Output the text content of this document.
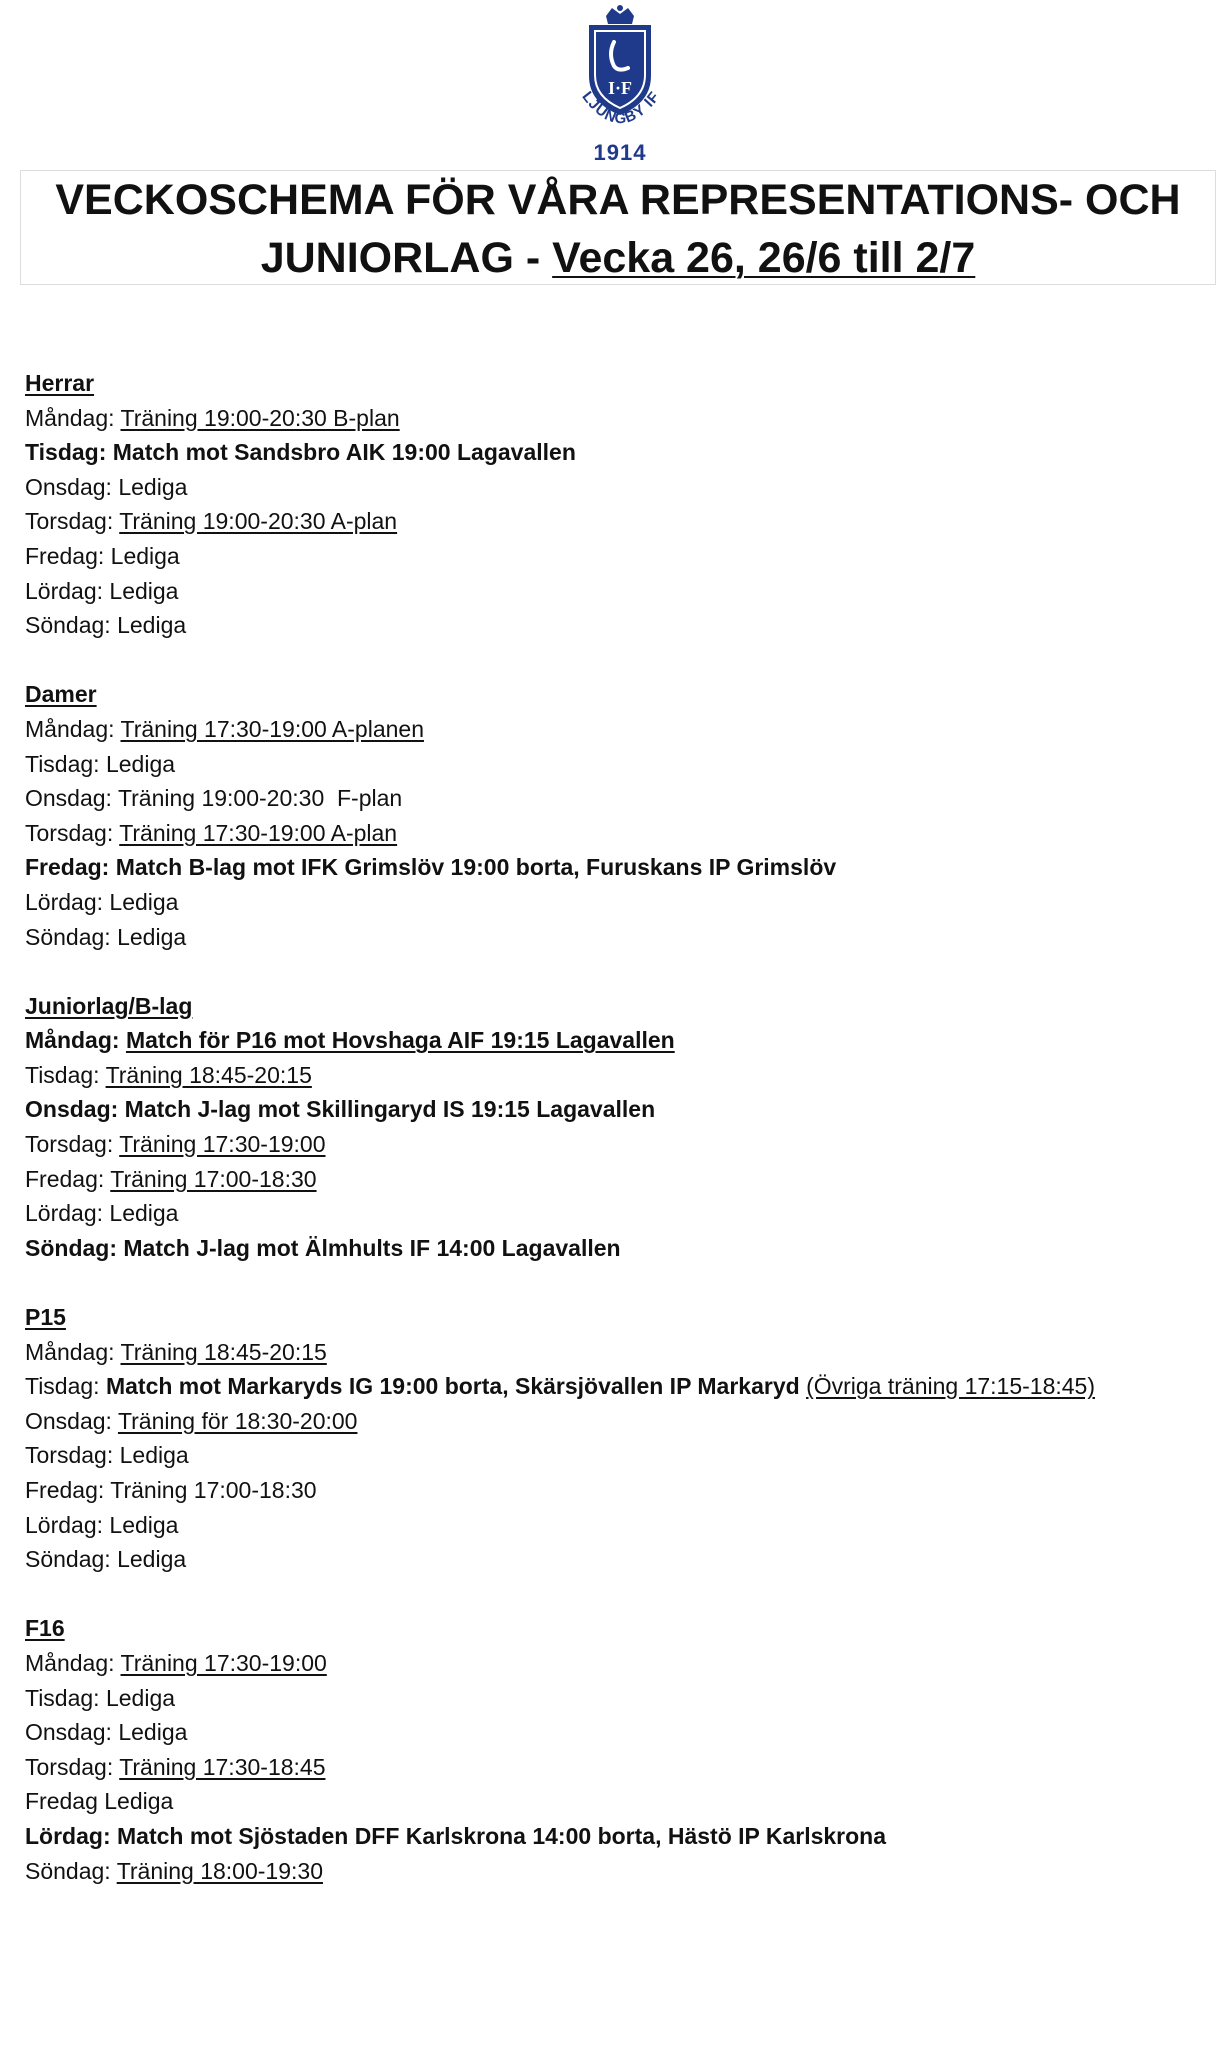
I·F
LJUNGBY IF
1914
VECKOSCHEMA FÖR VÅRA REPRESENTATIONS- OCH
JUNIORLAG - Vecka 26, 26/6 till 2/7
Herrar
Måndag: Träning 19:00-20:30 B-plan
Tisdag: Match mot Sandsbro AIK 19:00 Lagavallen
Onsdag: Lediga
Torsdag: Träning 19:00-20:30 A-plan
Fredag: Lediga
Lördag: Lediga
Söndag: Lediga
Damer
Måndag: Träning 17:30-19:00 A-planen
Tisdag: Lediga
Onsdag: Träning 19:00-20:30  F-plan
Torsdag: Träning 17:30-19:00 A-plan
Fredag: Match B-lag mot IFK Grimslöv 19:00 borta, Furuskans IP Grimslöv
Lördag: Lediga
Söndag: Lediga
Juniorlag/B-lag
Måndag: Match för P16 mot Hovshaga AIF 19:15 Lagavallen
Tisdag: Träning 18:45-20:15
Onsdag: Match J-lag mot Skillingaryd IS 19:15 Lagavallen
Torsdag: Träning 17:30-19:00
Fredag: Träning 17:00-18:30
Lördag: Lediga
Söndag: Match J-lag mot Älmhults IF 14:00 Lagavallen
P15
Måndag: Träning 18:45-20:15
Tisdag: Match mot Markaryds IG 19:00 borta, Skärsjövallen IP Markaryd (Övriga träning 17:15-18:45)
Onsdag: Träning för 18:30-20:00
Torsdag: Lediga
Fredag: Träning 17:00-18:30
Lördag: Lediga
Söndag: Lediga
F16
Måndag: Träning 17:30-19:00
Tisdag: Lediga
Onsdag: Lediga
Torsdag: Träning 17:30-18:45
Fredag Lediga
Lördag: Match mot Sjöstaden DFF Karlskrona 14:00 borta, Hästö IP Karlskrona
Söndag: Träning 18:00-19:30
